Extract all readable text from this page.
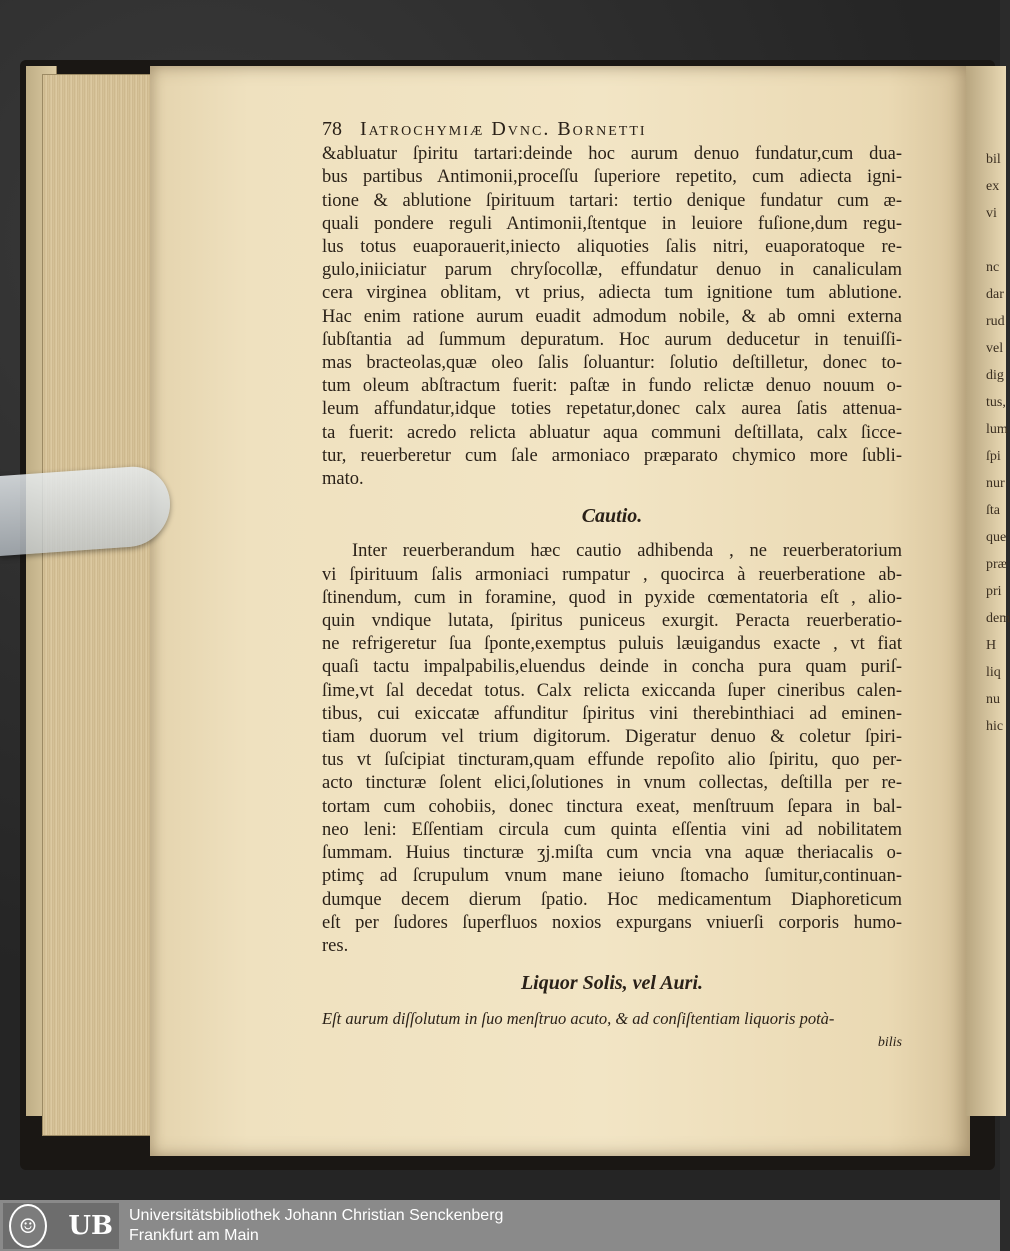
bil
ex
vi

nc
dar
rud
vel
dig
tus,
lum
ſpi
nur
ſta
que
præ
pri
dem
H
liq
nu
hic
78 Iatrochymiæ Dvnc. Bornetti
&abluatur ſpiritu tartari:deinde hoc aurum denuo fundatur,cum dua-
bus partibus Antimonii,proceſſu ſuperiore repetito, cum adiecta igni-
tione & ablutione ſpirituum tartari: tertio denique fundatur cum æ-
quali pondere reguli Antimonii,ſtentque in leuiore fuſione,dum regu-
lus totus euaporauerit,iniecto aliquoties ſalis nitri, euaporatoque re-
gulo,iniiciatur parum chryſocollæ, effundatur denuo in canaliculam
cera virginea oblitam, vt prius, adiecta tum ignitione tum ablutione.
Hac enim ratione aurum euadit admodum nobile, & ab omni externa
ſubſtantia ad ſummum depuratum. Hoc aurum deducetur in tenuiſſi-
mas bracteolas,quæ oleo ſalis ſoluantur: ſolutio deſtilletur, donec to-
tum oleum abſtractum fuerit: paſtæ in fundo relictæ denuo nouum o-
leum affundatur,idque toties repetatur,donec calx aurea ſatis attenua-
ta fuerit: acredo relicta abluatur aqua communi deſtillata, calx ſicce-
tur, reuerberetur cum ſale armoniaco præparato chymico more ſubli-
mato.
Cautio.
Inter reuerberandum hæc cautio adhibenda , ne reuerberatorium
vi ſpirituum ſalis armoniaci rumpatur , quocirca à reuerberatione ab-
ſtinendum, cum in foramine, quod in pyxide cœmentatoria eſt , alio-
quin vndique lutata, ſpiritus puniceus exurgit. Peracta reuerberatio-
ne refrigeretur ſua ſponte,exemptus puluis læuigandus exacte , vt fiat
quaſi tactu impalpabilis,eluendus deinde in concha pura quam puriſ-
ſime,vt ſal decedat totus. Calx relicta exiccanda ſuper cineribus calen-
tibus, cui exiccatæ affunditur ſpiritus vini therebinthiaci ad eminen-
tiam duorum vel trium digitorum. Digeratur denuo & coletur ſpiri-
tus vt ſuſcipiat tincturam,quam effunde repoſito alio ſpiritu, quo per-
acto tincturæ ſolent elici,ſolutiones in vnum collectas, deſtilla per re-
tortam cum cohobiis, donec tinctura exeat, menſtruum ſepara in bal-
neo leni: Eſſentiam circula cum quinta eſſentia vini ad nobilitatem
ſummam. Huius tincturæ ʒj.miſta cum vncia vna aquæ theriacalis o-
ptimç ad ſcrupulum vnum mane ieiuno ſtomacho ſumitur,continuan-
dumque decem dierum ſpatio. Hoc medicamentum Diaphoreticum
eſt per ſudores ſuperfluos noxios expurgans vniuerſi corporis humo-
res.
Liquor Solis, vel Auri.
Eſt aurum diſſolutum in ſuo menſtruo acuto, & ad conſiſtentiam liquoris potà-
bilis
☺	UB Universitätsbibliothek Johann Christian Senckenberg
Frankfurt am Main
